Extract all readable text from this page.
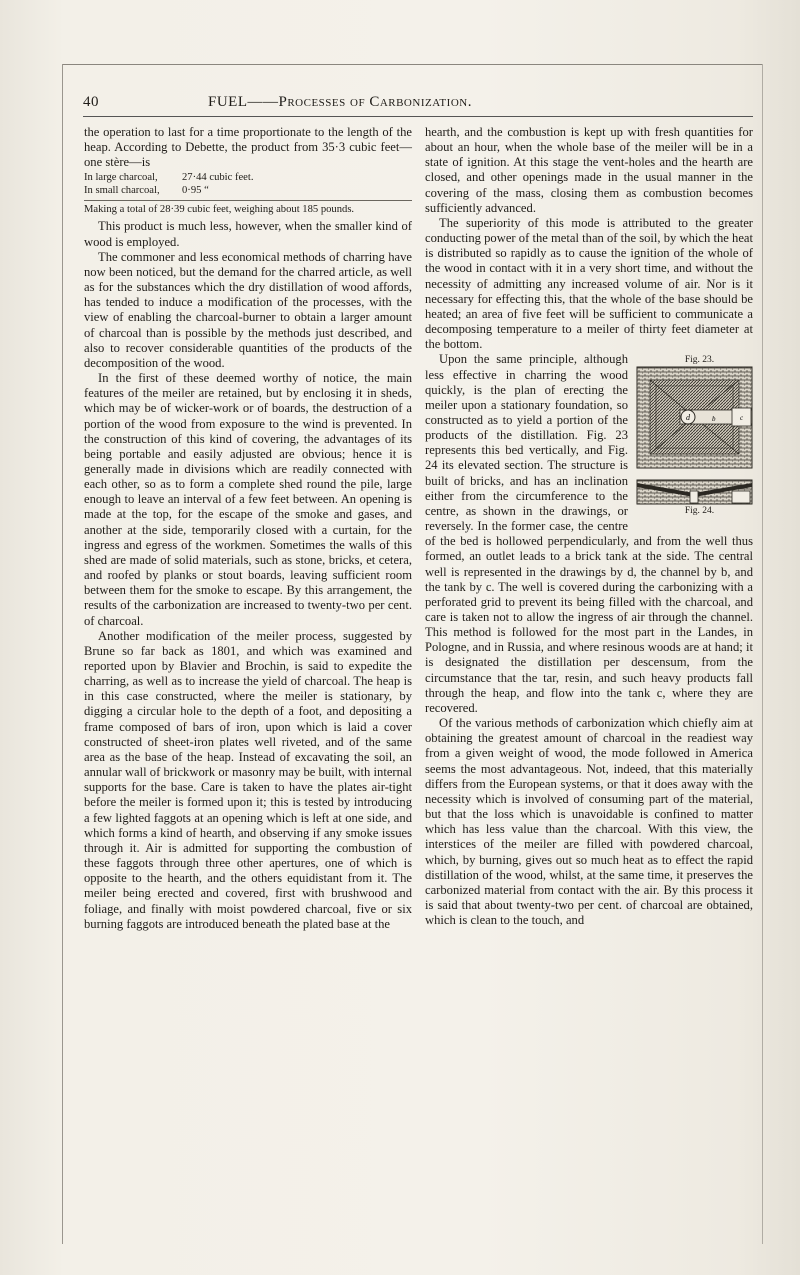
40	FUEL——Processes of Carbonization.

the operation to last for a time proportionate to the length of the heap. According to Debette, the product from 35·3 cubic feet—one stère—is

In large charcoal,	27·44 cubic feet.
In small charcoal,	0·95 “
Making a total of 28·39 cubic feet, weighing about 185 pounds.

This product is much less, however, when the smaller kind of wood is employed.

The commoner and less economical methods of charring have now been noticed, but the demand for the charred article, as well as for the substances which the dry distillation of wood affords, has tended to induce a modification of the processes, with the view of enabling the charcoal-burner to obtain a larger amount of charcoal than is possible by the methods just described, and also to recover considerable quantities of the products of the decomposition of the wood.

In the first of these deemed worthy of notice, the main features of the meiler are retained, but by enclosing it in sheds, which may be of wicker-work or of boards, the destruction of a portion of the wood from exposure to the wind is prevented. In the construction of this kind of covering, the advantages of its being portable and easily adjusted are obvious; hence it is generally made in divisions which are readily connected with each other, so as to form a complete shed round the pile, large enough to leave an interval of a few feet between. An opening is made at the top, for the escape of the smoke and gases, and another at the side, temporarily closed with a curtain, for the ingress and egress of the workmen. Sometimes the walls of this shed are made of solid materials, such as stone, bricks, et cetera, and roofed by planks or stout boards, leaving sufficient room between them for the smoke to escape. By this arrangement, the results of the carbonization are increased to twenty-two per cent. of charcoal.

Another modification of the meiler process, suggested by Brune so far back as 1801, and which was examined and reported upon by Blavier and Brochin, is said to expedite the charring, as well as to increase the yield of charcoal. The heap is in this case constructed, where the meiler is stationary, by digging a circular hole to the depth of a foot, and depositing a frame composed of bars of iron, upon which is laid a cover constructed of sheet-iron plates well riveted, and of the same area as the base of the heap. Instead of excavating the soil, an annular wall of brickwork or masonry may be built, with internal supports for the base. Care is taken to have the plates air-tight before the meiler is formed upon it; this is tested by introducing a few lighted faggots at an opening which is left at one side, and which forms a kind of hearth, and observing if any smoke issues through it. Air is admitted for supporting the combustion of these faggots through three other apertures, one of which is opposite to the hearth, and the others equidistant from it. The meiler being erected and covered, first with brushwood and foliage, and finally with moist powdered charcoal, five or six burning faggots are introduced beneath the plated base at the

hearth, and the combustion is kept up with fresh quantities for about an hour, when the whole base of the meiler will be in a state of ignition. At this stage the vent-holes and the hearth are closed, and other openings made in the usual manner in the covering of the mass, closing them as combustion becomes sufficiently advanced.

The superiority of this mode is attributed to the greater conducting power of the metal than of the soil, by which the heat is distributed so rapidly as to cause the ignition of the whole of the wood in contact with it in a very short time, and without the necessity of admitting any increased volume of air. Nor is it necessary for effecting this, that the whole of the base should be heated; an area of five feet will be sufficient to communicate a decomposing temperature to a meiler of thirty feet diameter at the bottom.

Fig. 23.
d	b	c
Fig. 24.

Upon the same principle, although less effective in charring the wood quickly, is the plan of erecting the meiler upon a stationary foundation, so constructed as to yield a portion of the products of the distillation. Fig. 23 represents this bed vertically, and Fig. 24 its elevated section. The structure is built of bricks, and has an inclination either from the circumference to the centre, as shown in the drawings, or reversely. In the former case, the centre of the bed is hollowed perpendicularly, and from the well thus formed, an outlet leads to a brick tank at the side. The central well is represented in the drawings by d, the channel by b, and the tank by c. The well is covered during the carbonizing with a perforated grid to prevent its being filled with the charcoal, and care is taken not to allow the ingress of air through the channel. This method is followed for the most part in the Landes, in Pologne, and in Russia, and where resinous woods are at hand; it is designated the distillation per descensum, from the circumstance that the tar, resin, and such heavy products fall through the heap, and flow into the tank c, where they are recovered.

Of the various methods of carbonization which chiefly aim at obtaining the greatest amount of charcoal in the readiest way from a given weight of wood, the mode followed in America seems the most advantageous. Not, indeed, that this materially differs from the European systems, or that it does away with the necessity which is involved of consuming part of the material, but that the loss which is unavoidable is confined to matter which has less value than the charcoal. With this view, the interstices of the meiler are filled with powdered charcoal, which, by burning, gives out so much heat as to effect the rapid distillation of the wood, whilst, at the same time, it preserves the carbonized material from contact with the air. By this process it is said that about twenty-two per cent. of charcoal are obtained, which is clean to the touch, and
